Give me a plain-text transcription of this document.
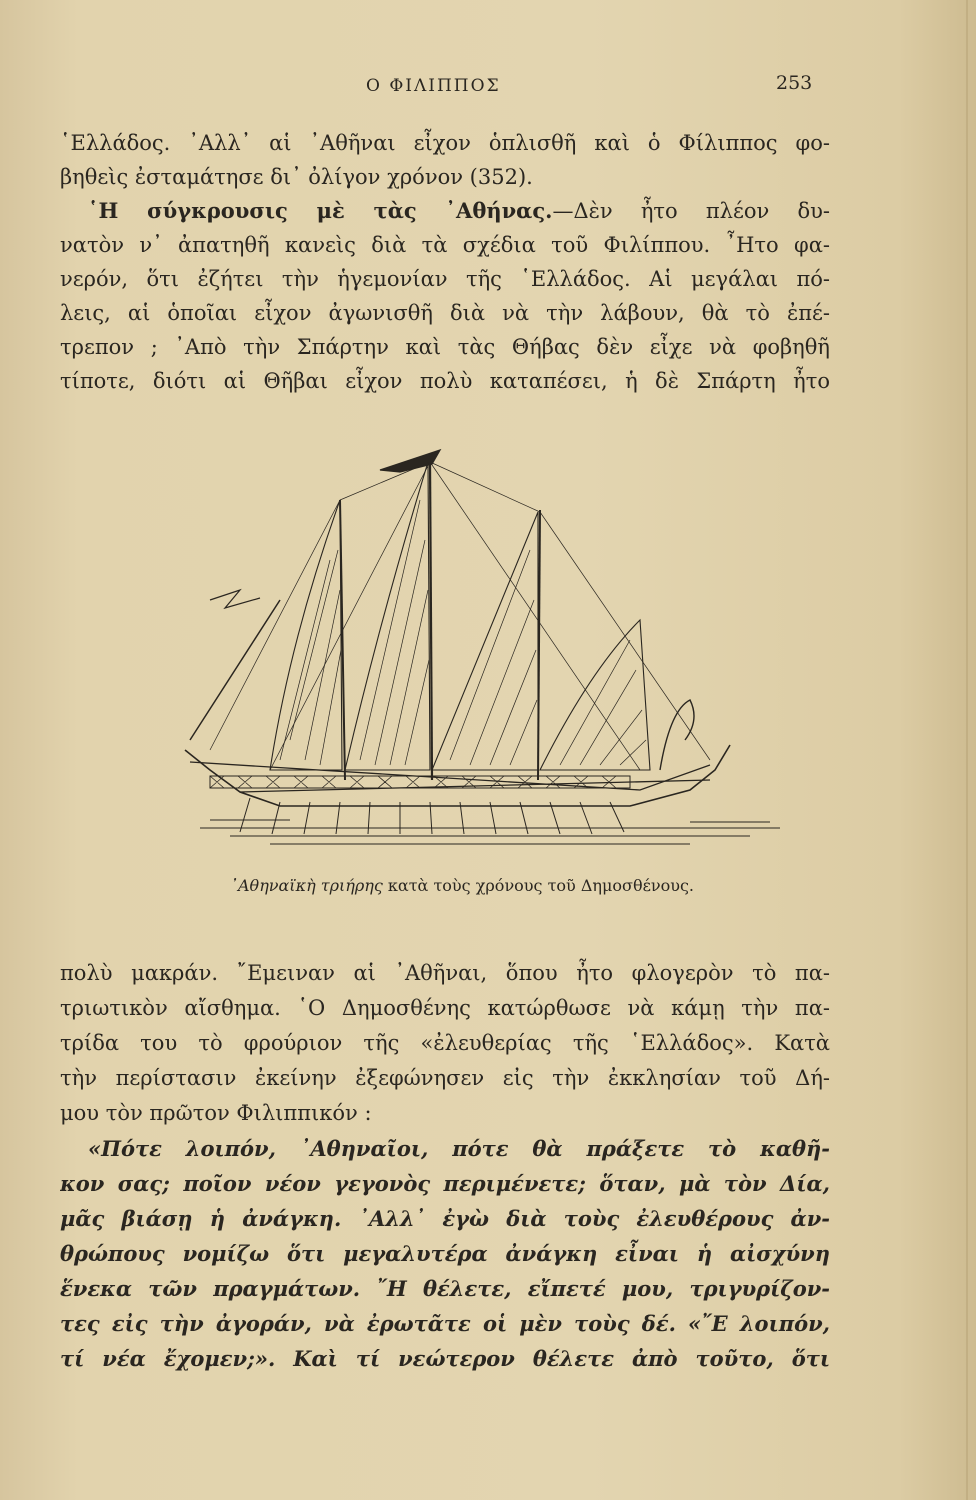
Ο ΦΙΛΙΠΠΟΣ	253
῾Ελλάδος. ᾿Αλλ᾿ αἱ ᾿Αθῆναι εἶχον ὁπλισθῆ καὶ ὁ Φίλιππος φο-
βηθεὶς ἐσταμάτησε δι᾿ ὀλίγον χρόνον (352).
῾Η σύγκρουσις μὲ τὰς ᾿Αθήνας.—Δὲν ἦτο πλέον δυ-
νατὸν ν᾿ ἀπατηθῆ κανεὶς διὰ τὰ σχέδια τοῦ Φιλίππου. ῏Ητο φα-
νερόν, ὅτι ἐζήτει τὴν ἡγεμονίαν τῆς ῾Ελλάδος. Αἱ μεγάλαι πό-
λεις, αἱ ὁποῖαι εἶχον ἀγωνισθῆ διὰ νὰ τὴν λάβουν, θὰ τὸ ἐπέ-
τρεπον ; ᾿Απὸ τὴν Σπάρτην καὶ τὰς Θήβας δὲν εἶχε νὰ φοβηθῆ
τίποτε, διότι αἱ Θῆβαι εἶχον πολὺ καταπέσει, ἡ δὲ Σπάρτη ἦτο
᾿Αθηναϊκὴ τριήρης κατὰ τοὺς χρόνους τοῦ Δημοσθένους.
πολὺ μακράν. ῎Εμειναν αἱ ᾿Αθῆναι, ὅπου ἦτο φλογερὸν τὸ πα-
τριωτικὸν αἴσθημα. ῾Ο Δημοσθένης κατώρθωσε νὰ κάμῃ τὴν πα-
τρίδα του τὸ φρούριον τῆς «ἐλευθερίας τῆς ῾Ελλάδος». Κατὰ
τὴν περίστασιν ἐκείνην ἐξεφώνησεν εἰς τὴν ἐκκλησίαν τοῦ Δή-
μου τὸν πρῶτον Φιλιππικόν :
«Πότε λοιπόν, ᾿Αθηναῖοι, πότε θὰ πράξετε τὸ καθῆ-
κον σας; ποῖον νέον γεγονὸς περιμένετε; ὅταν, μὰ τὸν Δία,
μᾶς βιάσῃ ἡ ἀνάγκη. ᾿Αλλ᾿ ἐγὼ διὰ τοὺς ἐλευθέρους ἀν-
θρώπους νομίζω ὅτι μεγαλυτέρα ἀνάγκη εἶναι ἡ αἰσχύνη
ἕνεκα τῶν πραγμάτων. ῎Η θέλετε, εἴπετέ μου, τριγυρίζον-
τες εἰς τὴν ἀγοράν, νὰ ἐρωτᾶτε οἱ μὲν τοὺς δέ. «῎Ε λοιπόν,
τί νέα ἔχομεν;». Καὶ τί νεώτερον θέλετε ἀπὸ τοῦτο, ὅτι
